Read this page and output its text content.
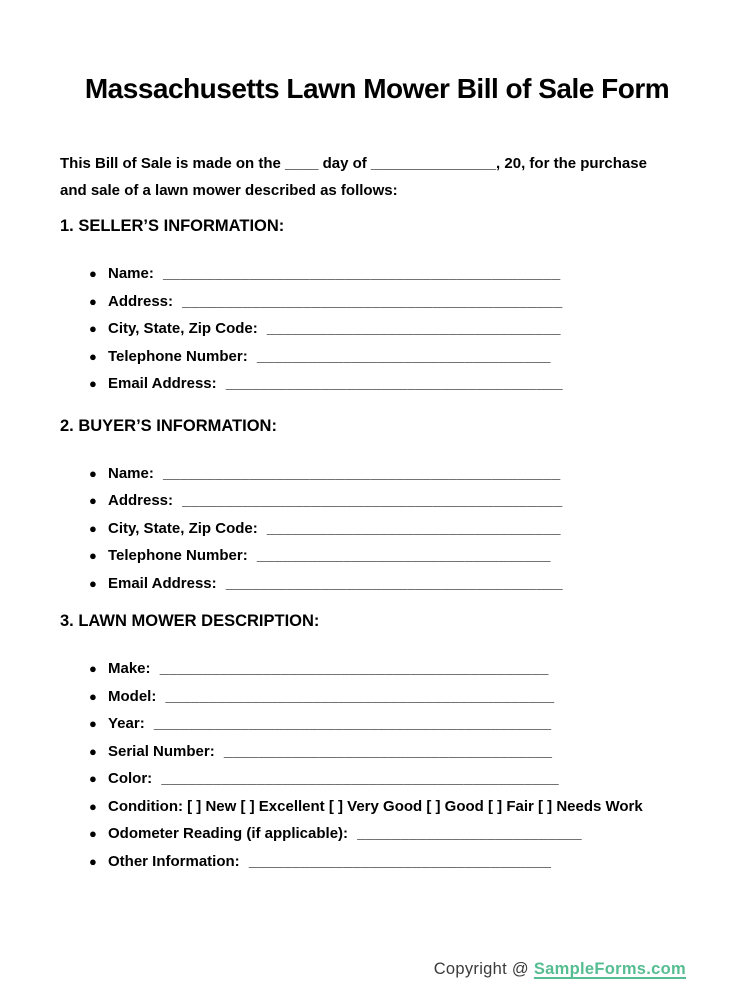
Massachusetts Lawn Mower Bill of Sale Form

This Bill of Sale is made on the ____ day of _______________, 20, for the purchase
and sale of a lawn mower described as follows:

1. SELLER’S INFORMATION:
● Name: ______________________________________________
● Address: ____________________________________________
● City, State, Zip Code: __________________________________
● Telephone Number: __________________________________
● Email Address: _______________________________________
2. BUYER’S INFORMATION:
● Name: ______________________________________________
● Address: ____________________________________________
● City, State, Zip Code: __________________________________
● Telephone Number: __________________________________
● Email Address: _______________________________________
3. LAWN MOWER DESCRIPTION:
● Make: _____________________________________________
● Model: _____________________________________________
● Year: ______________________________________________
● Serial Number: ______________________________________
● Color: ______________________________________________
● Condition: [ ] New [ ] Excellent [ ] Very Good [ ] Good [ ] Fair [ ] Needs Work
● Odometer Reading (if applicable): __________________________
● Other Information: ___________________________________
Copyright @ SampleForms.com
